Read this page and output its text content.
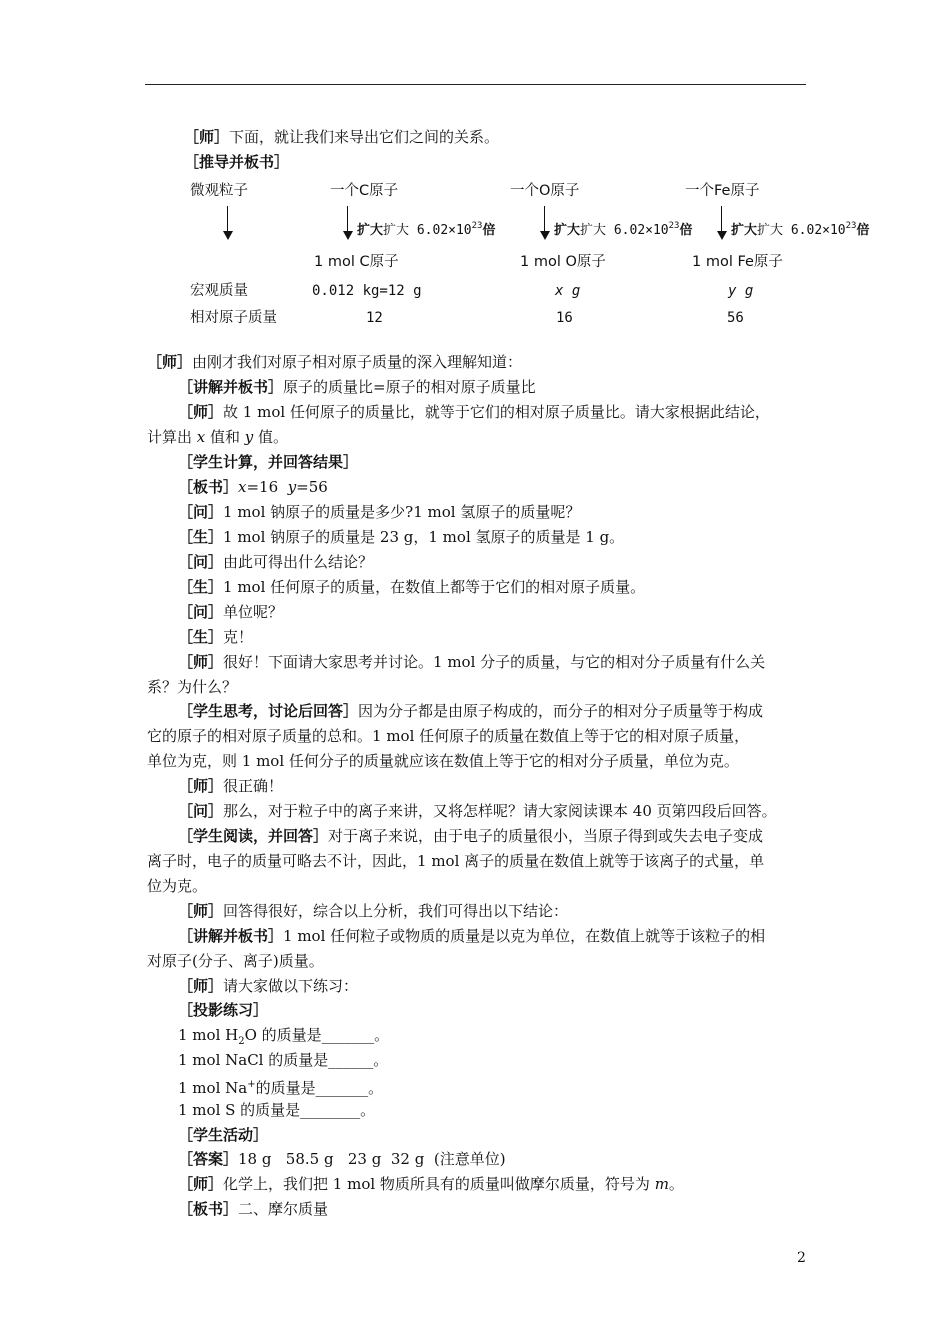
［师］下面，就让我们来导出它们之间的关系。
［推导并板书］
微观粒子	一个C原子
扩大扩大 $6.02\times 10^{23}$倍
1 mol C原子
0.012 kg=12 g
12
一个O原子
扩大扩大 $6.02\times 10^{23}$倍
1 mol O原子
x g
16
一个Fe原子
扩大扩大 $6.02\times 10^{23}$倍
1 mol Fe原子
y g
56
宏观质量
相对原子质量
［师］由刚才我们对原子相对原子质量的深入理解知道：
［讲解并板书］原子的质量比=原子的相对原子质量比
［师］故 1 mol 任何原子的质量比，就等于它们的相对原子质量比。请大家根据此结论，
计算出 x 值和 y 值。
［学生计算，并回答结果］
［板书］x=16  y=56
［问］1 mol 钠原子的质量是多少?1 mol 氢原子的质量呢？
［生］1 mol 钠原子的质量是 23 g，1 mol 氢原子的质量是 1 g。
［问］由此可得出什么结论？
［生］1 mol 任何原子的质量，在数值上都等于它们的相对原子质量。
［问］单位呢？
［生］克！
［师］很好！下面请大家思考并讨论。1 mol 分子的质量，与它的相对分子质量有什么关
系？为什么？
［学生思考，讨论后回答］因为分子都是由原子构成的，而分子的相对分子质量等于构成
它的原子的相对原子质量的总和。1 mol 任何原子的质量在数值上等于它的相对原子质量，
单位为克，则 1 mol 任何分子的质量就应该在数值上等于它的相对分子质量，单位为克。
［师］很正确！
［问］那么，对于粒子中的离子来讲，又将怎样呢？请大家阅读课本 40 页第四段后回答。
［学生阅读，并回答］对于离子来说，由于电子的质量很小，当原子得到或失去电子变成
离子时，电子的质量可略去不计，因此，1 mol 离子的质量在数值上就等于该离子的式量，单
位为克。
［师］回答得很好，综合以上分析，我们可得出以下结论：
［讲解并板书］1 mol 任何粒子或物质的质量是以克为单位，在数值上就等于该粒子的相
对原子(分子、离子)质量。
［师］请大家做以下练习：
［投影练习］
1 mol $H_2O$ 的质量是_______。
1 mol NaCl 的质量是______。
1 mol Na+的质量是_______。
1 mol S 的质量是________。
［学生活动］
［答案］18 g   58.5 g   23 g  32 g  (注意单位)
［师］化学上，我们把 1 mol 物质所具有的质量叫做摩尔质量，符号为 m。
［板书］二、摩尔质量
2
